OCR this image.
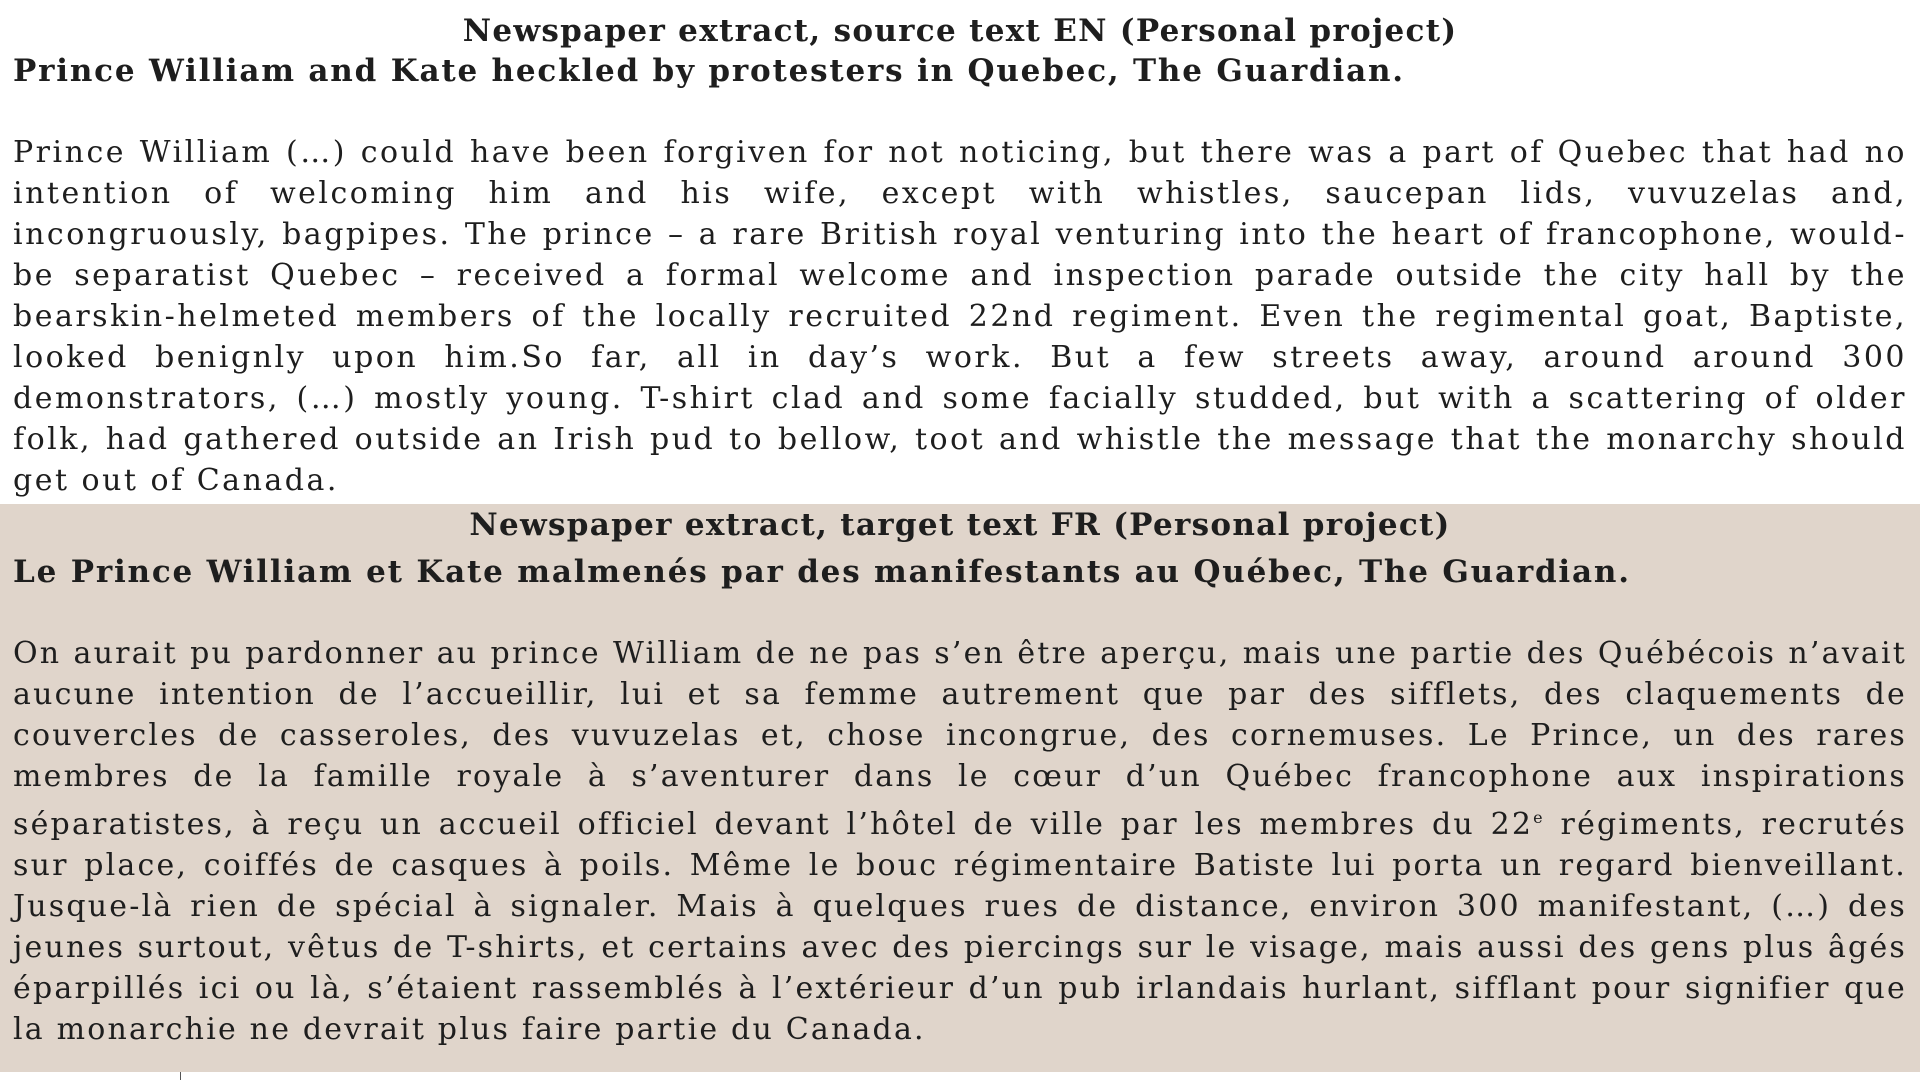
Newspaper extract, source text EN (Personal project)
Prince William and Kate heckled by protesters in Quebec, The Guardian.
Prince William (…) could have been forgiven for not noticing, but there was a part of Quebec that had no intention of welcoming him and his wife, except with whistles, saucepan lids, vuvuzelas and, incongruously, bagpipes. The prince – a rare British royal venturing into the heart of francophone, would-be separatist Quebec – received a formal welcome and inspection parade outside the city hall by the bearskin-helmeted members of the locally recruited 22nd regiment. Even the regimental goat, Baptiste, looked benignly upon him.So far, all in day’s work. But a few streets away, around around 300 demonstrators, (…) mostly young. T-shirt clad and some facially studded, but with a scattering of older folk, had gathered outside an Irish pud to bellow, toot and whistle the message that the monarchy should get out of Canada.
Newspaper extract, target text FR (Personal project)
Le Prince William et Kate malmenés par des manifestants au Québec, The Guardian.
On aurait pu pardonner au prince William de ne pas s’en être aperçu, mais une partie des Québécois n’avait aucune intention de l’accueillir, lui et sa femme autrement que par des sifflets, des claquements de couvercles de casseroles, des vuvuzelas et, chose incongrue, des cornemuses. Le Prince, un des rares membres de la famille royale à s’aventurer dans le cœur d’un Québec francophone aux inspirations séparatistes, à reçu un accueil officiel devant l’hôtel de ville par les membres du 22e régiments, recrutés sur place, coiffés de casques à poils. Même le bouc régimentaire Batiste lui porta un regard bienveillant. Jusque-là rien de spécial à signaler. Mais à quelques rues de distance, environ 300 manifestant, (…) des jeunes surtout, vêtus de T-shirts, et certains avec des piercings sur le visage, mais aussi des gens plus âgés éparpillés ici ou là, s’étaient rassemblés à l’extérieur d’un pub irlandais hurlant, sifflant pour signifier que la monarchie ne devrait plus faire partie du Canada.
